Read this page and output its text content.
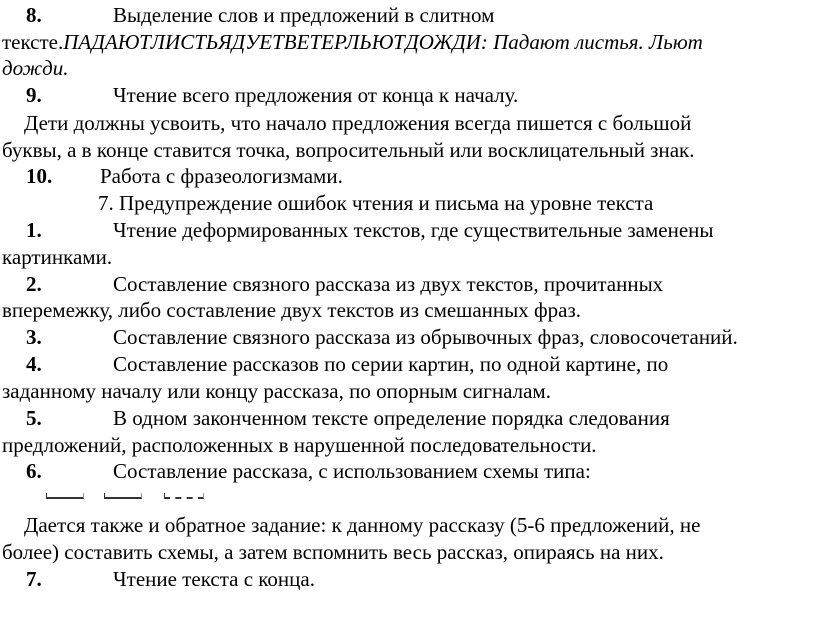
8.	Выделение слов и предложений в слитном
тексте.ПАДАЮТЛИСТЬЯДУЕТВЕТЕРЛЬЮТДОЖДИ: Падают листья. Льют
дожди.
9.	Чтение всего предложения от конца к началу.
Дети должны усвоить, что начало предложения всегда пишется с большой
буквы, а в конце ставится точка, вопросительный или восклицательный знак.
10. Работа с фразеологизмами.
7. Предупреждение ошибок чтения и письма на уровне текста
1.	Чтение деформированных текстов, где существительные заменены
картинками.
2.	Составление связного рассказа из двух текстов, прочитанных
вперемежку, либо составление двух текстов из смешанных фраз.
3.	Составление связного рассказа из обрывочных фраз, словосочетаний.
4.	Составление рассказов по серии картин, по одной картине, по
заданному началу или концу рассказа, по опорным сигналам.
5.	В одном законченном тексте определение порядка следования
предложений, расположенных в нарушенной последовательности.
6.	Составление рассказа, с использованием схемы типа:
Дается также и обратное задание: к данному рассказу (5-6 предложений, не
более) составить схемы, а затем вспомнить весь рассказ, опираясь на них.
7.	Чтение текста с конца.
